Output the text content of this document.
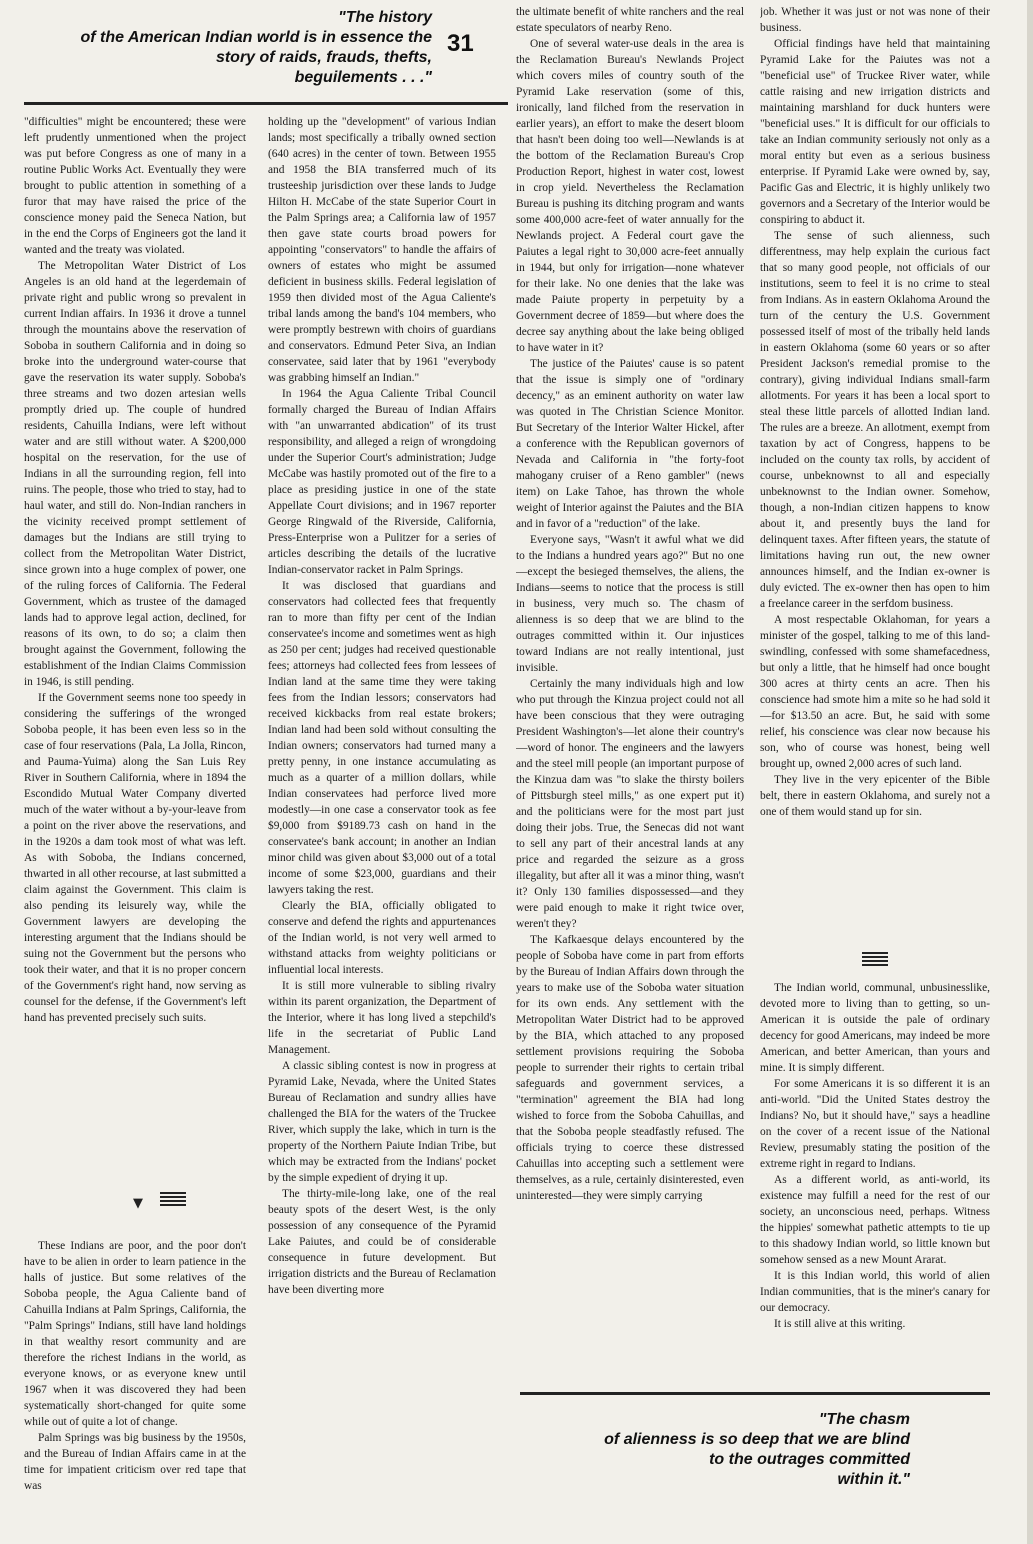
"The history
of the American Indian world is in essence the
story of raids, frauds, thefts,
beguilements . . ."
31

"difficulties" might be encountered; these were left prudently unmentioned when the project was put before Congress as one of many in a routine Public Works Act. Eventually they were brought to public attention in something of a furor that may have raised the price of the conscience money paid the Seneca Nation, but in the end the Corps of Engineers got the land it wanted and the treaty was violated.

The Metropolitan Water District of Los Angeles is an old hand at the legerdemain of private right and public wrong so prevalent in current Indian affairs. In 1936 it drove a tunnel through the mountains above the reservation of Soboba in southern California and in doing so broke into the underground water-course that gave the reservation its water supply. Soboba's three streams and two dozen artesian wells promptly dried up. The couple of hundred residents, Cahuilla Indians, were left without water and are still without water. A $200,000 hospital on the reservation, for the use of Indians in all the surrounding region, fell into ruins. The people, those who tried to stay, had to haul water, and still do. Non-Indian ranchers in the vicinity received prompt settlement of damages but the Indians are still trying to collect from the Metropolitan Water District, since grown into a huge complex of power, one of the ruling forces of California. The Federal Government, which as trustee of the damaged lands had to approve legal action, declined, for reasons of its own, to do so; a claim then brought against the Government, following the establishment of the Indian Claims Commission in 1946, is still pending.

If the Government seems none too speedy in considering the sufferings of the wronged Soboba people, it has been even less so in the case of four reservations (Pala, La Jolla, Rincon, and Pauma-Yuima) along the San Luis Rey River in Southern California, where in 1894 the Escondido Mutual Water Company diverted much of the water without a by-your-leave from a point on the river above the reservations, and in the 1920s a dam took most of what was left. As with Soboba, the Indians concerned, thwarted in all other recourse, at last submitted a claim against the Government. This claim is also pending its leisurely way, while the Government lawyers are developing the interesting argument that the Indians should be suing not the Government but the persons who took their water, and that it is no proper concern of the Government's right hand, now serving as counsel for the defense, if the Government's left hand has prevented precisely such suits.

▼

These Indians are poor, and the poor don't have to be alien in order to learn patience in the halls of justice. But some relatives of the Soboba people, the Agua Caliente band of Cahuilla Indians at Palm Springs, California, the "Palm Springs" Indians, still have land holdings in that wealthy resort community and are therefore the richest Indians in the world, as everyone knows, or as everyone knew until 1967 when it was discovered they had been systematically short-changed for quite some while out of quite a lot of change.

Palm Springs was big business by the 1950s, and the Bureau of Indian Affairs came in at the time for impatient criticism over red tape that was

holding up the "development" of various Indian lands; most specifically a tribally owned section (640 acres) in the center of town. Between 1955 and 1958 the BIA transferred much of its trusteeship jurisdiction over these lands to Judge Hilton H. McCabe of the state Superior Court in the Palm Springs area; a California law of 1957 then gave state courts broad powers for appointing "conservators" to handle the affairs of owners of estates who might be assumed deficient in business skills. Federal legislation of 1959 then divided most of the Agua Caliente's tribal lands among the band's 104 members, who were promptly bestrewn with choirs of guardians and conservators. Edmund Peter Siva, an Indian conservatee, said later that by 1961 "everybody was grabbing himself an Indian."

In 1964 the Agua Caliente Tribal Council formally charged the Bureau of Indian Affairs with "an unwarranted abdication" of its trust responsibility, and alleged a reign of wrongdoing under the Superior Court's administration; Judge McCabe was hastily promoted out of the fire to a place as presiding justice in one of the state Appellate Court divisions; and in 1967 reporter George Ringwald of the Riverside, California, Press-Enterprise won a Pulitzer for a series of articles describing the details of the lucrative Indian-conservator racket in Palm Springs.

It was disclosed that guardians and conservators had collected fees that frequently ran to more than fifty per cent of the Indian conservatee's income and sometimes went as high as 250 per cent; judges had received questionable fees; attorneys had collected fees from lessees of Indian land at the same time they were taking fees from the Indian lessors; conservators had received kickbacks from real estate brokers; Indian land had been sold without consulting the Indian owners; conservators had turned many a pretty penny, in one instance accumulating as much as a quarter of a million dollars, while Indian conservatees had perforce lived more modestly—in one case a conservator took as fee $9,000 from $9189.73 cash on hand in the conservatee's bank account; in another an Indian minor child was given about $3,000 out of a total income of some $23,000, guardians and their lawyers taking the rest.

Clearly the BIA, officially obligated to conserve and defend the rights and appurtenances of the Indian world, is not very well armed to withstand attacks from weighty politicians or influential local interests.

It is still more vulnerable to sibling rivalry within its parent organization, the Department of the Interior, where it has long lived a stepchild's life in the secretariat of Public Land Management.

A classic sibling contest is now in progress at Pyramid Lake, Nevada, where the United States Bureau of Reclamation and sundry allies have challenged the BIA for the waters of the Truckee River, which supply the lake, which in turn is the property of the Northern Paiute Indian Tribe, but which may be extracted from the Indians' pocket by the simple expedient of drying it up.

The thirty-mile-long lake, one of the real beauty spots of the desert West, is the only possession of any consequence of the Pyramid Lake Paiutes, and could be of considerable consequence in future development. But irrigation districts and the Bureau of Reclamation have been diverting more

the ultimate benefit of white ranchers and the real estate speculators of nearby Reno.

One of several water-use deals in the area is the Reclamation Bureau's Newlands Project which covers miles of country south of the Pyramid Lake reservation (some of this, ironically, land filched from the reservation in earlier years), an effort to make the desert bloom that hasn't been doing too well—Newlands is at the bottom of the Reclamation Bureau's Crop Production Report, highest in water cost, lowest in crop yield. Nevertheless the Reclamation Bureau is pushing its ditching program and wants some 400,000 acre-feet of water annually for the Newlands project. A Federal court gave the Paiutes a legal right to 30,000 acre-feet annually in 1944, but only for irrigation—none whatever for their lake. No one denies that the lake was made Paiute property in perpetuity by a Government decree of 1859—but where does the decree say anything about the lake being obliged to have water in it?

The justice of the Paiutes' cause is so patent that the issue is simply one of "ordinary decency," as an eminent authority on water law was quoted in The Christian Science Monitor. But Secretary of the Interior Walter Hickel, after a conference with the Republican governors of Nevada and California in "the forty-foot mahogany cruiser of a Reno gambler" (news item) on Lake Tahoe, has thrown the whole weight of Interior against the Paiutes and the BIA and in favor of a "reduction" of the lake.

Everyone says, "Wasn't it awful what we did to the Indians a hundred years ago?" But no one—except the besieged themselves, the aliens, the Indians—seems to notice that the process is still in business, very much so. The chasm of alienness is so deep that we are blind to the outrages committed within it. Our injustices toward Indians are not really intentional, just invisible.

Certainly the many individuals high and low who put through the Kinzua project could not all have been conscious that they were outraging President Washington's—let alone their country's—word of honor. The engineers and the lawyers and the steel mill people (an important purpose of the Kinzua dam was "to slake the thirsty boilers of Pittsburgh steel mills," as one expert put it) and the politicians were for the most part just doing their jobs. True, the Senecas did not want to sell any part of their ancestral lands at any price and regarded the seizure as a gross illegality, but after all it was a minor thing, wasn't it? Only 130 families dispossessed—and they were paid enough to make it right twice over, weren't they?

The Kafkaesque delays encountered by the people of Soboba have come in part from efforts by the Bureau of Indian Affairs down through the years to make use of the Soboba water situation for its own ends. Any settlement with the Metropolitan Water District had to be approved by the BIA, which attached to any proposed settlement provisions requiring the Soboba people to surrender their rights to certain tribal safeguards and government services, a "termination" agreement the BIA had long wished to force from the Soboba Cahuillas, and that the Soboba people steadfastly refused. The officials trying to coerce these distressed Cahuillas into accepting such a settlement were themselves, as a rule, certainly disinterested, even uninterested—they were simply carrying

job. Whether it was just or not was none of their business.

Official findings have held that maintaining Pyramid Lake for the Paiutes was not a "beneficial use" of Truckee River water, while cattle raising and new irrigation districts and maintaining marshland for duck hunters were "beneficial uses." It is difficult for our officials to take an Indian community seriously not only as a moral entity but even as a serious business enterprise. If Pyramid Lake were owned by, say, Pacific Gas and Electric, it is highly unlikely two governors and a Secretary of the Interior would be conspiring to abduct it.

The sense of such alienness, such differentness, may help explain the curious fact that so many good people, not officials of our institutions, seem to feel it is no crime to steal from Indians. As in eastern Oklahoma Around the turn of the century the U.S. Government possessed itself of most of the tribally held lands in eastern Oklahoma (some 60 years or so after President Jackson's remedial promise to the contrary), giving individual Indians small-farm allotments. For years it has been a local sport to steal these little parcels of allotted Indian land. The rules are a breeze. An allotment, exempt from taxation by act of Congress, happens to be included on the county tax rolls, by accident of course, unbeknownst to all and especially unbeknownst to the Indian owner. Somehow, though, a non-Indian citizen happens to know about it, and presently buys the land for delinquent taxes. After fifteen years, the statute of limitations having run out, the new owner announces himself, and the Indian ex-owner is duly evicted. The ex-owner then has open to him a freelance career in the serfdom business.

A most respectable Oklahoman, for years a minister of the gospel, talking to me of this land-swindling, confessed with some shamefacedness, but only a little, that he himself had once bought 300 acres at thirty cents an acre. Then his conscience had smote him a mite so he had sold it—for $13.50 an acre. But, he said with some relief, his conscience was clear now because his son, who of course was honest, being well brought up, owned 2,000 acres of such land.

They live in the very epicenter of the Bible belt, there in eastern Oklahoma, and surely not a one of them would stand up for sin.

The Indian world, communal, unbusinesslike, devoted more to living than to getting, so un-American it is outside the pale of ordinary decency for good Americans, may indeed be more American, and better American, than yours and mine. It is simply different.

For some Americans it is so different it is an anti-world. "Did the United States destroy the Indians? No, but it should have," says a headline on the cover of a recent issue of the National Review, presumably stating the position of the extreme right in regard to Indians.

As a different world, as anti-world, its existence may fulfill a need for the rest of our society, an unconscious need, perhaps. Witness the hippies' somewhat pathetic attempts to tie up to this shadowy Indian world, so little known but somehow sensed as a new Mount Ararat.

It is this Indian world, this world of alien Indian communities, that is the miner's canary for our democracy.

It is still alive at this writing.

"The chasm
of alienness is so deep that we are blind
to the outrages committed
within it."
